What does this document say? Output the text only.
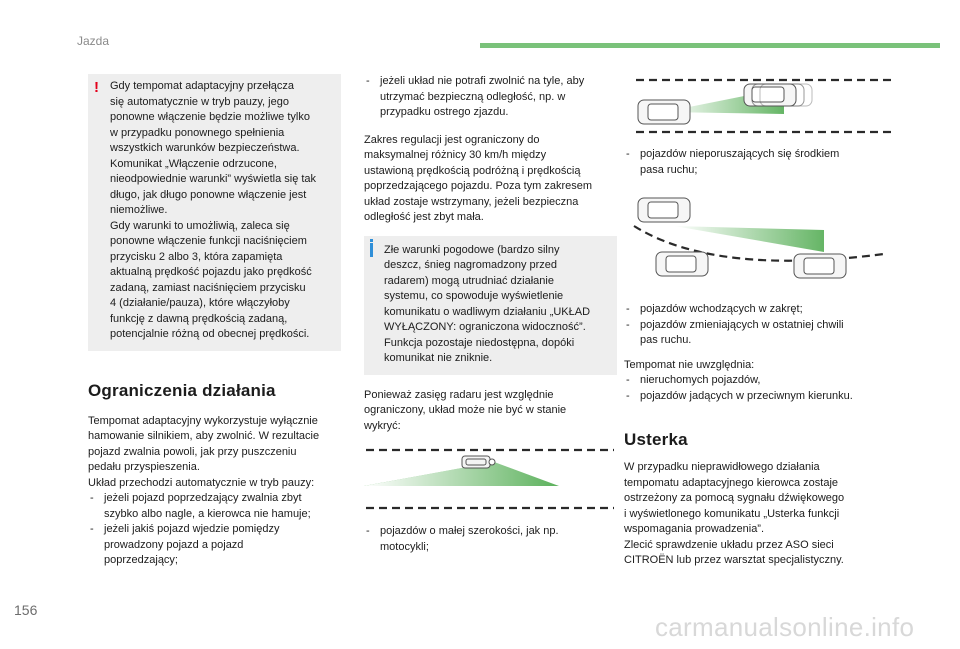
Jazda
! Gdy tempomat adaptacyjny przełącza
się automatycznie w tryb pauzy, jego
ponowne włączenie będzie możliwe tylko
w przypadku ponownego spełnienia
wszystkich warunków bezpieczeństwa.
Komunikat „Włączenie odrzucone,
nieodpowiednie warunki” wyświetla się tak
długo, jak długo ponowne włączenie jest
niemożliwe.
Gdy warunki to umożliwią, zaleca się
ponowne włączenie funkcji naciśnięciem
przycisku 2 albo 3, która zapamięta
aktualną prędkość pojazdu jako prędkość
zadaną, zamiast naciśnięciem przycisku
4 (działanie/pauza), które włączyłoby
funkcję z dawną prędkością zadaną,
potencjalnie różną od obecnej prędkości.
Ograniczenia działania
Tempomat adaptacyjny wykorzystuje wyłącznie
hamowanie silnikiem, aby zwolnić. W rezultacie
pojazd zwalnia powoli, jak przy puszczeniu
pedału przyspieszenia.
Układ przechodzi automatycznie w tryb pauzy:
- jeżeli pojazd poprzedzający zwalnia zbyt
szybko albo nagle, a kierowca nie hamuje;
- jeżeli jakiś pojazd wjedzie pomiędzy
prowadzony pojazd a pojazd
poprzedzający;
- jeżeli układ nie potrafi zwolnić na tyle, aby
utrzymać bezpieczną odległość, np. w
przypadku ostrego zjazdu.
Zakres regulacji jest ograniczony do
maksymalnej różnicy 30 km/h między
ustawioną prędkością podróżną i prędkością
poprzedzającego pojazdu. Poza tym zakresem
układ zostaje wstrzymany, jeżeli bezpieczna
odległość jest zbyt mała.
Złe warunki pogodowe (bardzo silny
deszcz, śnieg nagromadzony przed
radarem) mogą utrudniać działanie
systemu, co spowoduje wyświetlenie
komunikatu o wadliwym działaniu „UKŁAD
WYŁĄCZONY: ograniczona widoczność”.
Funkcja pozostaje niedostępna, dopóki
komunikat nie zniknie.
Ponieważ zasięg radaru jest względnie
ograniczony, układ może nie być w stanie
wykryć:
- pojazdów o małej szerokości, jak np.
motocykli;
- pojazdów nieporuszających się środkiem
pasa ruchu;
- pojazdów wchodzących w zakręt;
- pojazdów zmieniających w ostatniej chwili
pas ruchu.
Tempomat nie uwzględnia:
- nieruchomych pojazdów,
- pojazdów jadących w przeciwnym kierunku.
Usterka
W przypadku nieprawidłowego działania
tempomatu adaptacyjnego kierowca zostaje
ostrzeżony za pomocą sygnału dźwiękowego
i wyświetlonego komunikatu „Usterka funkcji
wspomagania prowadzenia”.
Zlecić sprawdzenie układu przez ASO sieci
CITROËN lub przez warsztat specjalistyczny.
156
carmanualsonline.info
